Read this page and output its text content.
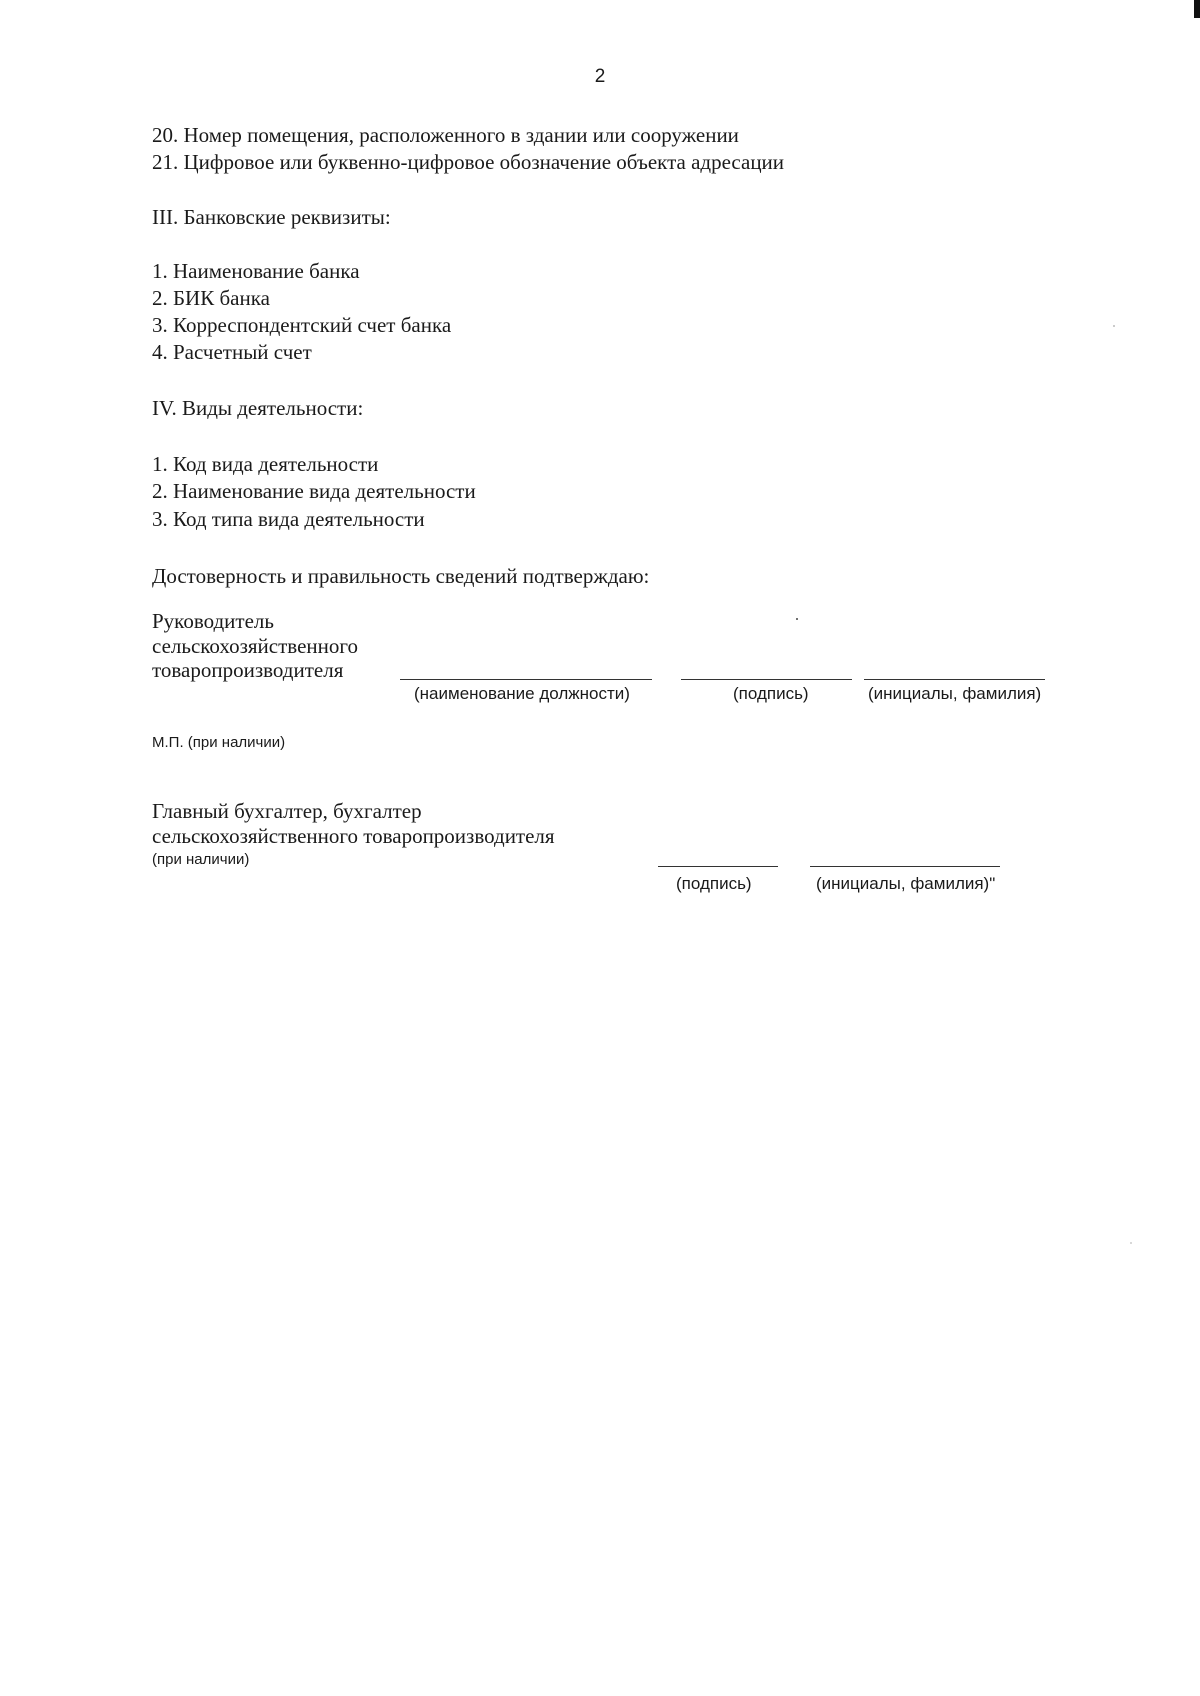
2
20. Номер помещения, расположенного в здании или сооружении
21. Цифровое или буквенно-цифровое обозначение объекта адресации
III. Банковские реквизиты:
1. Наименование банка
2. БИК банка
3. Корреспондентский счет банка
4. Расчетный счет
IV. Виды деятельности:
1. Код вида деятельности
2. Наименование вида деятельности
3. Код типа вида деятельности
Достоверность и правильность сведений подтверждаю:
Руководитель
сельскохозяйственного
товаропроизводителя
(наименование должности)	(подпись)	(инициалы, фамилия)
М.П. (при наличии)
Главный бухгалтер, бухгалтер
сельскохозяйственного товаропроизводителя
(при наличии)
(подпись)	(инициалы, фамилия)"
